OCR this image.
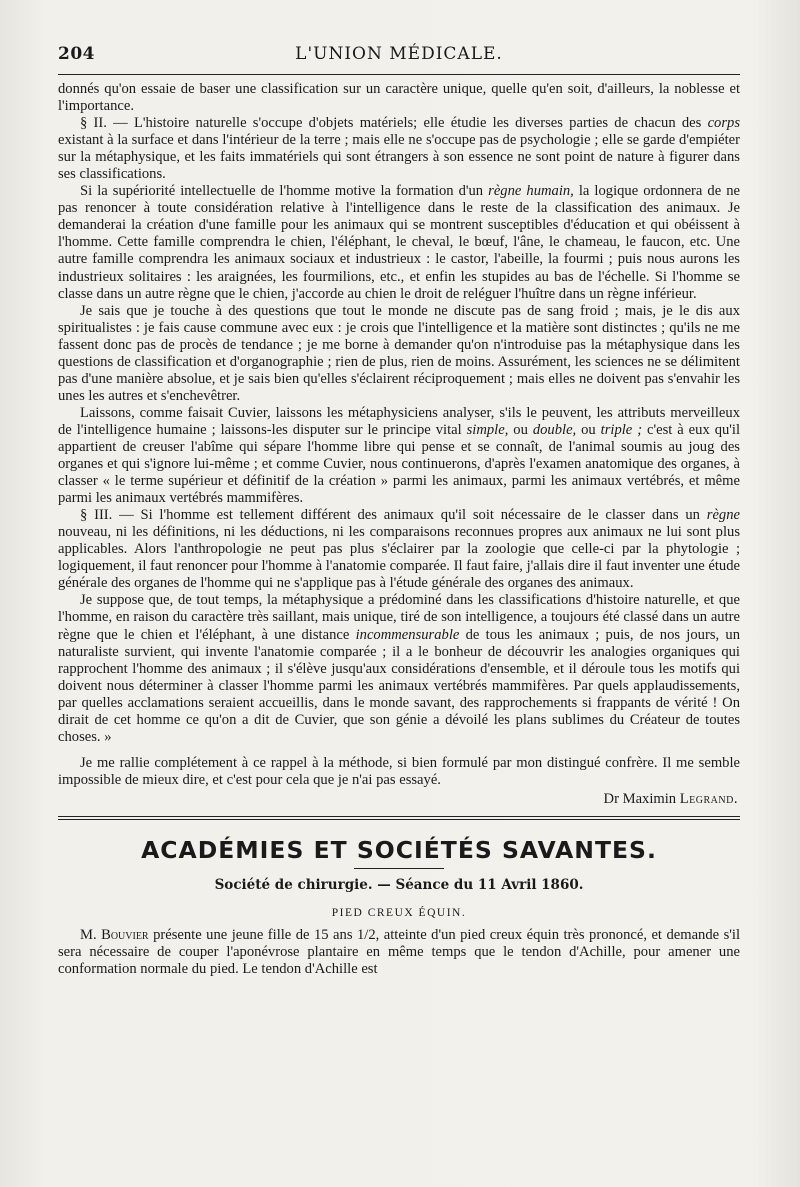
204	L'UNION MÉDICALE.

donnés qu'on essaie de baser une classification sur un caractère unique, quelle qu'en soit, d'ailleurs, la noblesse et l'importance.

§ II. — L'histoire naturelle s'occupe d'objets matériels; elle étudie les diverses parties de chacun des corps existant à la surface et dans l'intérieur de la terre ; mais elle ne s'occupe pas de psychologie ; elle se garde d'empiéter sur la métaphysique, et les faits immatériels qui sont étrangers à son essence ne sont point de nature à figurer dans ses classifications.

Si la supériorité intellectuelle de l'homme motive la formation d'un règne humain, la logique ordonnera de ne pas renoncer à toute considération relative à l'intelligence dans le reste de la classification des animaux. Je demanderai la création d'une famille pour les animaux qui se montrent susceptibles d'éducation et qui obéissent à l'homme. Cette famille comprendra le chien, l'éléphant, le cheval, le bœuf, l'âne, le chameau, le faucon, etc. Une autre famille comprendra les animaux sociaux et industrieux : le castor, l'abeille, la fourmi ; puis nous aurons les industrieux solitaires : les araignées, les fourmilions, etc., et enfin les stupides au bas de l'échelle. Si l'homme se classe dans un autre règne que le chien, j'accorde au chien le droit de reléguer l'huître dans un règne inférieur.

Je sais que je touche à des questions que tout le monde ne discute pas de sang froid ; mais, je le dis aux spiritualistes : je fais cause commune avec eux : je crois que l'intelligence et la matière sont distinctes ; qu'ils ne me fassent donc pas de procès de tendance ; je me borne à demander qu'on n'introduise pas la métaphysique dans les questions de classification et d'organographie ; rien de plus, rien de moins. Assurément, les sciences ne se délimitent pas d'une manière absolue, et je sais bien qu'elles s'éclairent réciproquement ; mais elles ne doivent pas s'envahir les unes les autres et s'enchevêtrer.

Laissons, comme faisait Cuvier, laissons les métaphysiciens analyser, s'ils le peuvent, les attributs merveilleux de l'intelligence humaine ; laissons-les disputer sur le principe vital simple, ou double, ou triple ; c'est à eux qu'il appartient de creuser l'abîme qui sépare l'homme libre qui pense et se connaît, de l'animal soumis au joug des organes et qui s'ignore lui-même ; et comme Cuvier, nous continuerons, d'après l'examen anatomique des organes, à classer « le terme supérieur et définitif de la création » parmi les animaux, parmi les animaux vertébrés, et même parmi les animaux vertébrés mammifères.

§ III. — Si l'homme est tellement différent des animaux qu'il soit nécessaire de le classer dans un règne nouveau, ni les définitions, ni les déductions, ni les comparaisons reconnues propres aux animaux ne lui sont plus applicables. Alors l'anthropologie ne peut pas plus s'éclairer par la zoologie que celle-ci par la phytologie ; logiquement, il faut renoncer pour l'homme à l'anatomie comparée. Il faut faire, j'allais dire il faut inventer une étude générale des organes de l'homme qui ne s'applique pas à l'étude générale des organes des animaux.

Je suppose que, de tout temps, la métaphysique a prédominé dans les classifications d'histoire naturelle, et que l'homme, en raison du caractère très saillant, mais unique, tiré de son intelligence, a toujours été classé dans un autre règne que le chien et l'éléphant, à une distance incommensurable de tous les animaux ; puis, de nos jours, un naturaliste survient, qui invente l'anatomie comparée ; il a le bonheur de découvrir les analogies organiques qui rapprochent l'homme des animaux ; il s'élève jusqu'aux considérations d'ensemble, et il déroule tous les motifs qui doivent nous déterminer à classer l'homme parmi les animaux vertébrés mammifères. Par quels applaudissements, par quelles acclamations seraient accueillis, dans le monde savant, des rapprochements si frappants de vérité ! On dirait de cet homme ce qu'on a dit de Cuvier, que son génie a dévoilé les plans sublimes du Créateur de toutes choses. »

Je me rallie complétement à ce rappel à la méthode, si bien formulé par mon distingué confrère. Il me semble impossible de mieux dire, et c'est pour cela que je n'ai pas essayé.

Dr Maximin Legrand.
ACADÉMIES ET SOCIÉTÉS SAVANTES.
Société de chirurgie. — Séance du 11 Avril 1860.
PIED CREUX ÉQUIN.

M. Bouvier présente une jeune fille de 15 ans 1/2, atteinte d'un pied creux équin très prononcé, et demande s'il sera nécessaire de couper l'aponévrose plantaire en même temps que le tendon d'Achille, pour amener une conformation normale du pied. Le tendon d'Achille est
